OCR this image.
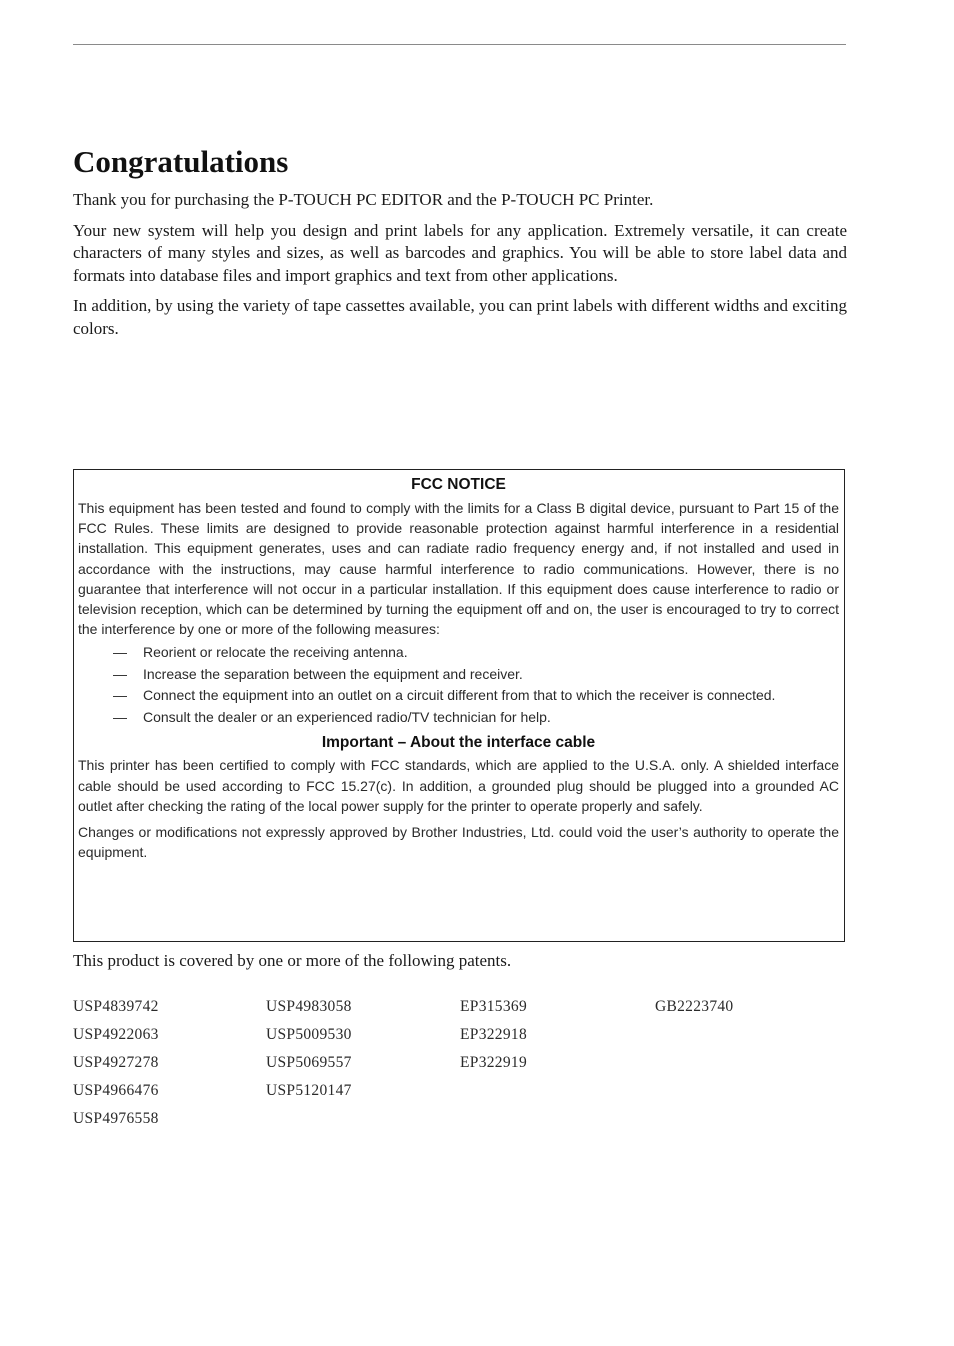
Congratulations

Thank you for purchasing the P-TOUCH PC EDITOR and the P-TOUCH PC Printer.

Your new system will help you design and print labels for any application. Extremely versatile, it can create characters of many styles and sizes, as well as barcodes and graphics. You will be able to store label data and formats into database files and import graphics and text from other applications.

In addition, by using the variety of tape cassettes available, you can print labels with different widths and exciting colors.

FCC NOTICE

This equipment has been tested and found to comply with the limits for a Class B digital device, pursuant to Part 15 of the FCC Rules. These limits are designed to provide reasonable protection against harmful interference in a residential installation. This equipment generates, uses and can radiate radio frequency energy and, if not installed and used in accordance with the instructions, may cause harmful interference to radio communications. However, there is no guarantee that interference will not occur in a particular installation. If this equipment does cause interference to radio or television reception, which can be determined by turning the equipment off and on, the user is encouraged to try to correct the interference by one or more of the following measures:

— Reorient or relocate the receiving antenna.
— Increase the separation between the equipment and receiver.
— Connect the equipment into an outlet on a circuit different from that to which the receiver is connected.
— Consult the dealer or an experienced radio/TV technician for help.
Important – About the interface cable

This printer has been certified to comply with FCC standards, which are applied to the U.S.A. only. A shielded interface cable should be used according to FCC 15.27(c). In addition, a grounded plug should be plugged into a grounded AC outlet after checking the rating of the local power supply for the printer to operate properly and safely.

Changes or modifications not expressly approved by Brother Industries, Ltd. could void the user’s authority to operate the equipment.

This product is covered by one or more of the following patents.

USP4839742	USP4983058	EP315369	GB2223740
USP4922063	USP5009530	EP322918
USP4927278	USP5069557	EP322919
USP4966476	USP5120147
USP4976558
